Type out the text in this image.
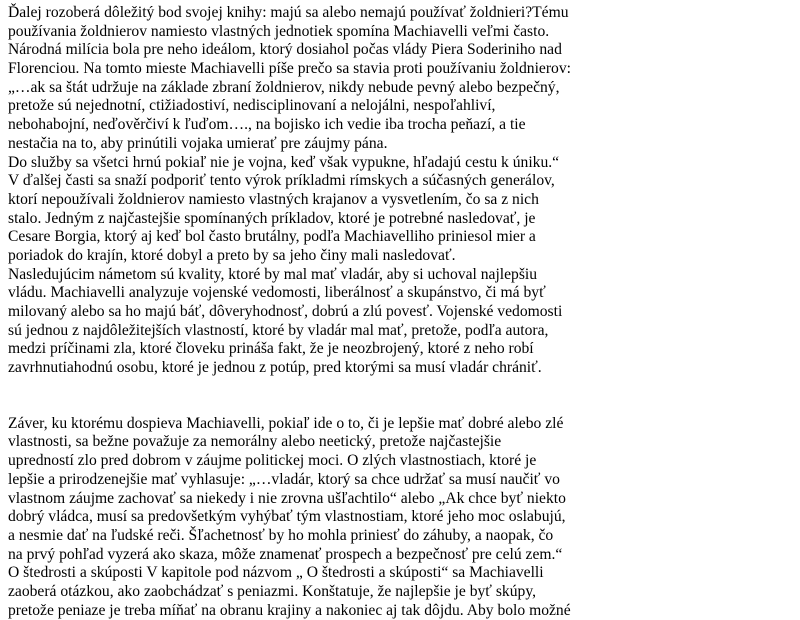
Ďalej rozoberá dôležitý bod svojej knihy: majú sa alebo nemajú používať žoldnieri?Tému
používania žoldnierov namiesto vlastných jednotiek spomína Machiavelli veľmi často.
Národná milícia bola pre neho ideálom, ktorý dosiahol počas vlády Piera Soderiniho nad
Florenciou. Na tomto mieste Machiavelli píše prečo sa stavia proti používaniu žoldnierov:
„…ak sa štát udržuje na základe zbraní žoldnierov, nikdy nebude pevný alebo bezpečný,
pretože sú nejednotní, ctižiadostiví, nedisciplinovaní a nelojálni, nespoľahliví,
nebohabojní, neďověrčiví k ľuďom…., na bojisko ich vedie iba trocha peňazí, a tie
nestačia na to, aby prinútili vojaka umierať pre záujmy pána.
Do služby sa všetci hrnú pokiaľ nie je vojna, keď však vypukne, hľadajú cestu k úniku.“
V ďalšej časti sa snaží podporiť tento výrok príkladmi rímskych a súčasných generálov,
ktorí nepoužívali žoldnierov namiesto vlastných krajanov a vysvetlením, čo sa z nich
stalo. Jedným z najčastejšie spomínaných príkladov, ktoré je potrebné nasledovať, je
Cesare Borgia, ktorý aj keď bol často brutálny, podľa Machiavelliho priniesol mier a
poriadok do krajín, ktoré dobyl a preto by sa jeho činy mali nasledovať.
Nasledujúcim námetom sú kvality, ktoré by mal mať vladár, aby si uchoval najlepšiu
vládu. Machiavelli analyzuje vojenské vedomosti, liberálnosť a skupánstvo, či má byť
milovaný alebo sa ho majú báť, dôveryhodnosť, dobrú a zlú povesť. Vojenské vedomosti
sú jednou z najdôležitejších vlastností, ktoré by vladár mal mať, pretože, podľa autora,
medzi príčinami zla, ktoré človeku prináša fakt, že je neozbrojený, ktoré z neho robí
zavrhnutiahodnú osobu, ktoré je jednou z potúp, pred ktorými sa musí vladár chrániť.
Záver, ku ktorému dospieva Machiavelli, pokiaľ ide o to, či je lepšie mať dobré alebo zlé
vlastnosti, sa bežne považuje za nemorálny alebo neetický, pretože najčastejšie
upredností zlo pred dobrom v záujme politickej moci. O zlých vlastnostiach, ktoré je
lepšie a prirodzenejšie mať vyhlasuje: „…vladár, ktorý sa chce udržať sa musí naučiť vo
vlastnom záujme zachovať sa niekedy i nie zrovna ušľachtilo“ alebo „Ak chce byť niekto
dobrý vládca, musí sa predovšetkým vyhýbať tým vlastnostiam, ktoré jeho moc oslabujú,
a nesmie dať na ľudské reči. Šľachetnosť by ho mohla priniesť do záhuby, a naopak, čo
na prvý pohľad vyzerá ako skaza, môže znamenať prospech a bezpečnosť pre celú zem.“
O štedrosti a skúposti V kapitole pod názvom „ O štedrosti a skúposti“ sa Machiavelli
zaoberá otázkou, ako zaobchádzať s peniazmi. Konštatuje, že najlepšie je byť skúpy,
pretože peniaze je treba míňať na obranu krajiny a nakoniec aj tak dôjdu. Aby bolo možné
